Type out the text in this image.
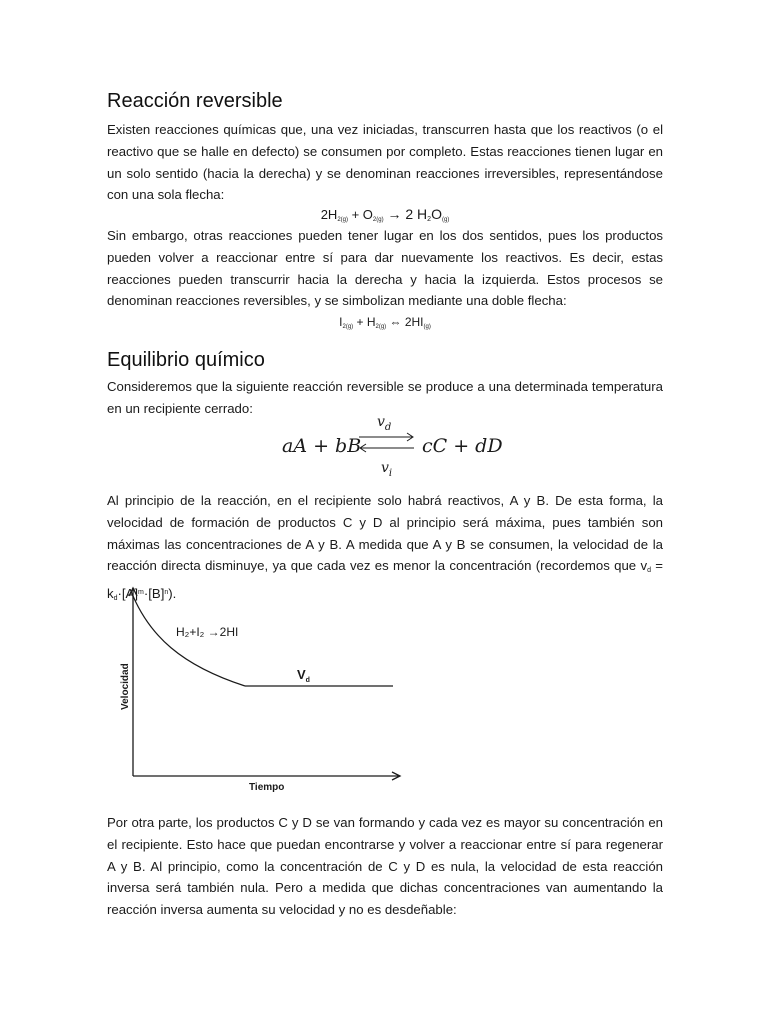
Reacción reversible

Existen reacciones químicas que, una vez iniciadas, transcurren hasta que los reactivos (o el reactivo que se halle en defecto) se consumen por completo. Estas reacciones tienen lugar en un solo sentido (hacia la derecha) y se denominan reacciones irreversibles, representándose con una sola flecha:

$2H_{2(g)} + O_{2(g)} \to 2$ $H_2O_{(g)}$

Sin embargo, otras reacciones pueden tener lugar en los dos sentidos, pues los productos pueden volver a reaccionar entre sí para dar nuevamente los reactivos. Es decir, estas reacciones pueden transcurrir hacia la derecha y hacia la izquierda. Estos procesos se denominan reacciones reversibles, y se simbolizan mediante una doble flecha:

$I_{2(g)} + H_{2(g)}$ ⇔ $2HI_{(g)}$
Equilibrio químico

Consideremos que la siguiente reacción reversible se produce a una determinada temperatura en un recipiente cerrado:

aA + bB
$v_d$
cC + dD
$v_i$

Al principio de la reacción, en el recipiente solo habrá reactivos, A y B. De esta forma, la velocidad de formación de productos C y D al principio será máxima, pues también son máximas las concentraciones de A y B. A medida que A y B se consumen, la velocidad de la reacción directa disminuye, ya que cada vez es menor la concentración (recordemos que $v_d = k_d\cdot[A]^m\cdot[B]^n$).

Por otra parte, los productos C y D se van formando y cada vez es mayor su concentración en el recipiente. Esto hace que puedan encontrarse y volver a reaccionar entre sí para regenerar A y B. Al principio, como la concentración de C y D es nula, la velocidad de esta reacción inversa será también nula. Pero a medida que dichas concentraciones van aumentando la reacción inversa aumenta su velocidad y no es desdeñable:

H₂+I₂ →2HI
$V_d$
Velocidad
Tiempo
